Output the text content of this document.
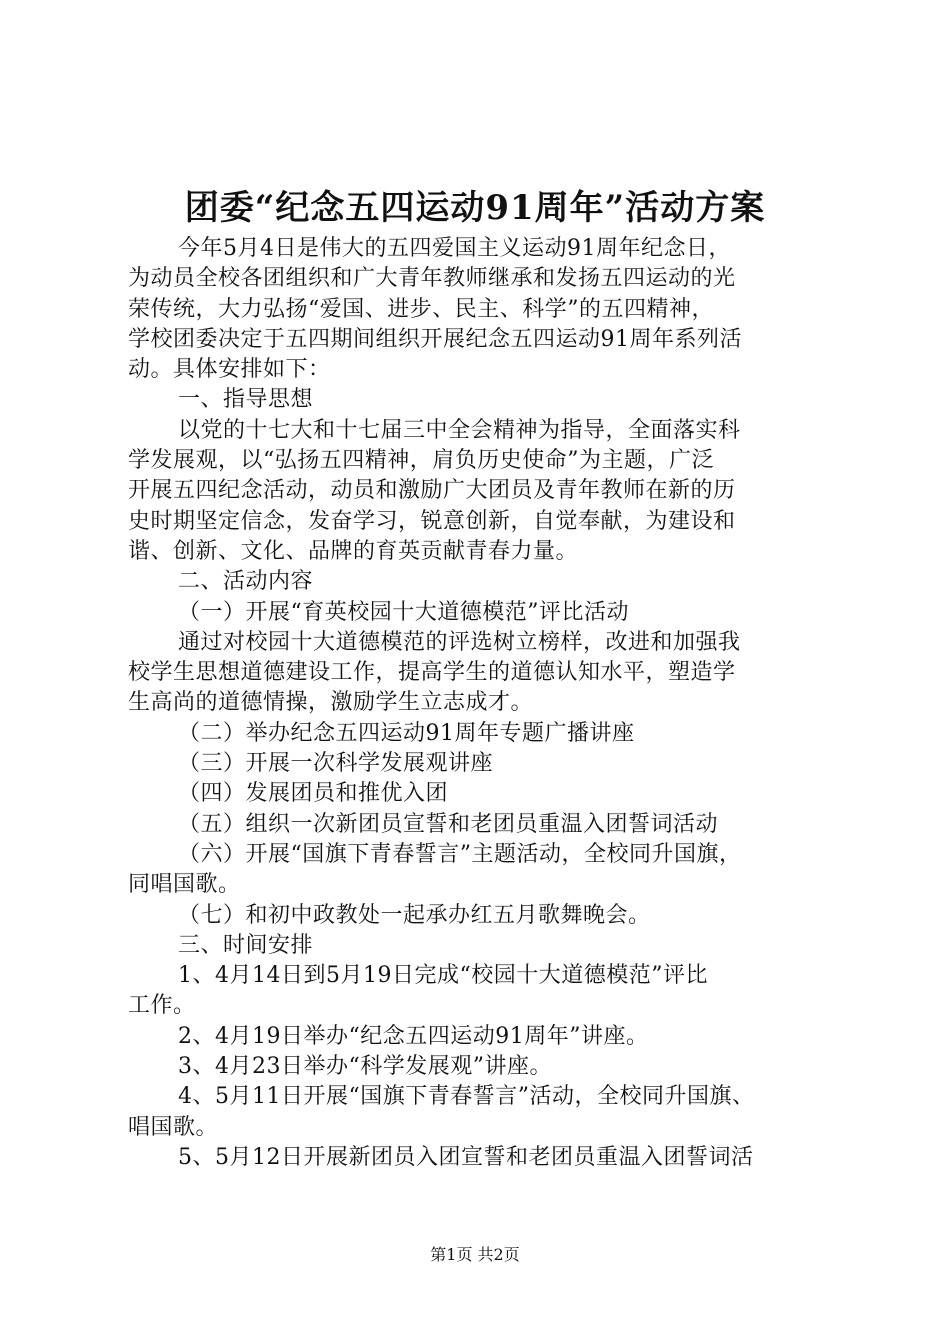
团委“纪念五四运动91周年”活动方案
今年5月4日是伟大的五四爱国主义运动91周年纪念日，
为动员全校各团组织和广大青年教师继承和发扬五四运动的光
荣传统，大力弘扬“爱国、进步、民主、科学”的五四精神，
学校团委决定于五四期间组织开展纪念五四运动91周年系列活
动。具体安排如下：
一、指导思想
以党的十七大和十七届三中全会精神为指导，全面落实科
学发展观，以“弘扬五四精神，肩负历史使命”为主题，广泛
开展五四纪念活动，动员和激励广大团员及青年教师在新的历
史时期坚定信念，发奋学习，锐意创新，自觉奉献，为建设和
谐、创新、文化、品牌的育英贡献青春力量。
二、活动内容
（一）开展“育英校园十大道德模范”评比活动
通过对校园十大道德模范的评选树立榜样，改进和加强我
校学生思想道德建设工作，提高学生的道德认知水平，塑造学
生高尚的道德情操，激励学生立志成才。
（二）举办纪念五四运动91周年专题广播讲座
（三）开展一次科学发展观讲座
（四）发展团员和推优入团
（五）组织一次新团员宣誓和老团员重温入团誓词活动
（六）开展“国旗下青春誓言”主题活动，全校同升国旗，
同唱国歌。
（七）和初中政教处一起承办红五月歌舞晚会。
三、时间安排
1、4月14日到5月19日完成“校园十大道德模范”评比
工作。
2、4月19日举办“纪念五四运动91周年”讲座。
3、4月23日举办“科学发展观”讲座。
4、5月11日开展“国旗下青春誓言”活动，全校同升国旗、
唱国歌。
5、5月12日开展新团员入团宣誓和老团员重温入团誓词活
第1页 共2页
